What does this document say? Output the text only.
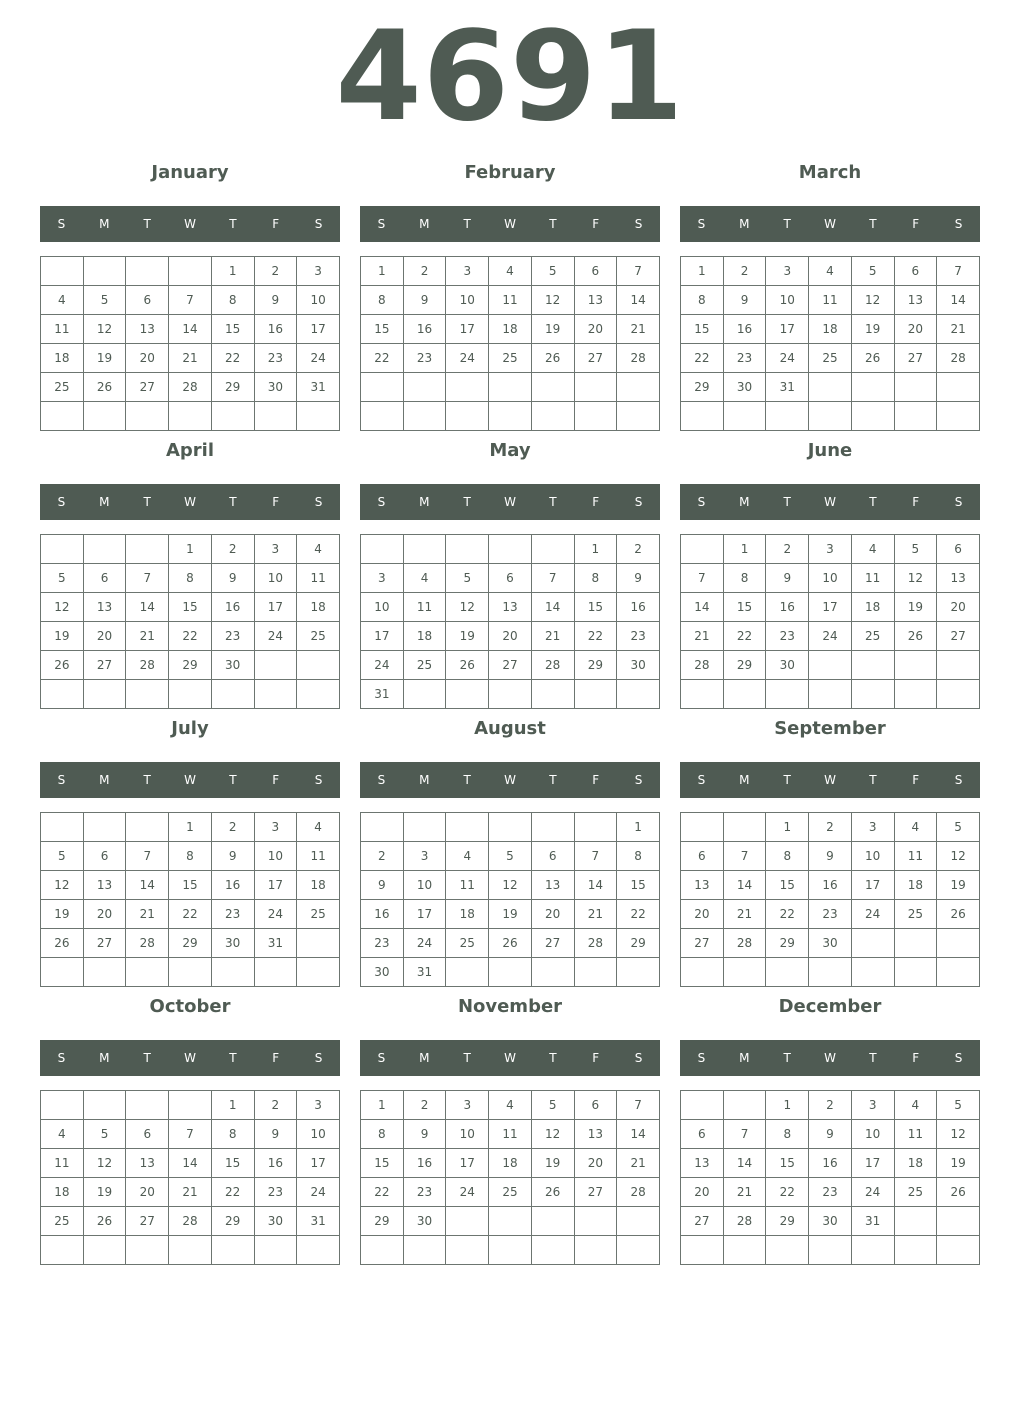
4691
January
S	M	T	W	T	F	S
				1	2	3
4	5	6	7	8	9	10
11	12	13	14	15	16	17
18	19	20	21	22	23	24
25	26	27	28	29	30	31

February
S	M	T	W	T	F	S
1	2	3	4	5	6	7
8	9	10	11	12	13	14
15	16	17	18	19	20	21
22	23	24	25	26	27	28

March
S	M	T	W	T	F	S
1	2	3	4	5	6	7
8	9	10	11	12	13	14
15	16	17	18	19	20	21
22	23	24	25	26	27	28
29	30	31				

April
S	M	T	W	T	F	S
			1	2	3	4
5	6	7	8	9	10	11
12	13	14	15	16	17	18
19	20	21	22	23	24	25
26	27	28	29	30		

May
S	M	T	W	T	F	S
					1	2
3	4	5	6	7	8	9
10	11	12	13	14	15	16
17	18	19	20	21	22	23
24	25	26	27	28	29	30
31						
June
S	M	T	W	T	F	S
	1	2	3	4	5	6
7	8	9	10	11	12	13
14	15	16	17	18	19	20
21	22	23	24	25	26	27
28	29	30				

July
S	M	T	W	T	F	S
			1	2	3	4
5	6	7	8	9	10	11
12	13	14	15	16	17	18
19	20	21	22	23	24	25
26	27	28	29	30	31	

August
S	M	T	W	T	F	S
						1
2	3	4	5	6	7	8
9	10	11	12	13	14	15
16	17	18	19	20	21	22
23	24	25	26	27	28	29
30	31					
September
S	M	T	W	T	F	S
		1	2	3	4	5
6	7	8	9	10	11	12
13	14	15	16	17	18	19
20	21	22	23	24	25	26
27	28	29	30			

October
S	M	T	W	T	F	S
				1	2	3
4	5	6	7	8	9	10
11	12	13	14	15	16	17
18	19	20	21	22	23	24
25	26	27	28	29	30	31

November
S	M	T	W	T	F	S
1	2	3	4	5	6	7
8	9	10	11	12	13	14
15	16	17	18	19	20	21
22	23	24	25	26	27	28
29	30					

December
S	M	T	W	T	F	S
		1	2	3	4	5
6	7	8	9	10	11	12
13	14	15	16	17	18	19
20	21	22	23	24	25	26
27	28	29	30	31		
